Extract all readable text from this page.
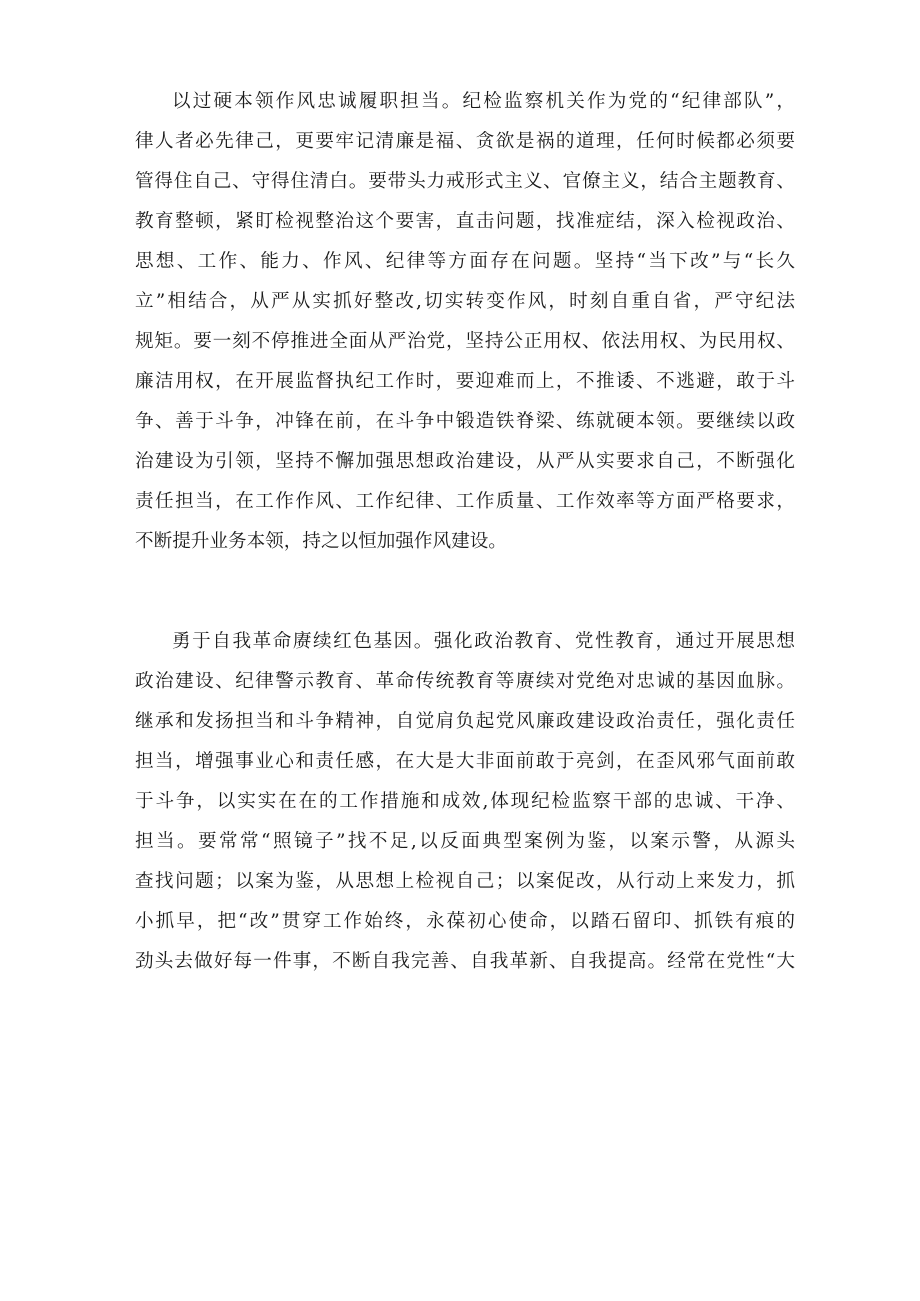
以过硬本领作风忠诚履职担当。纪检监察机关作为党的“纪律部队”，
律人者必先律己，更要牢记清廉是福、贪欲是祸的道理，任何时候都必须要
管得住自己、守得住清白。要带头力戒形式主义、官僚主义，结合主题教育、
教育整顿，紧盯检视整治这个要害，直击问题，找准症结，深入检视政治、
思想、工作、能力、作风、纪律等方面存在问题。坚持“当下改”与“长久
立”相结合，从严从实抓好整改,切实转变作风，时刻自重自省，严守纪法
规矩。要一刻不停推进全面从严治党，坚持公正用权、依法用权、为民用权、
廉洁用权，在开展监督执纪工作时，要迎难而上，不推诿、不逃避，敢于斗
争、善于斗争，冲锋在前，在斗争中锻造铁脊梁、练就硬本领。要继续以政
治建设为引领，坚持不懈加强思想政治建设，从严从实要求自己，不断强化
责任担当，在工作作风、工作纪律、工作质量、工作效率等方面严格要求，
不断提升业务本领，持之以恒加强作风建设。
勇于自我革命赓续红色基因。强化政治教育、党性教育，通过开展思想
政治建设、纪律警示教育、革命传统教育等赓续对党绝对忠诚的基因血脉。
继承和发扬担当和斗争精神，自觉肩负起党风廉政建设政治责任，强化责任
担当，增强事业心和责任感，在大是大非面前敢于亮剑，在歪风邪气面前敢
于斗争，以实实在在的工作措施和成效,体现纪检监察干部的忠诚、干净、
担当。要常常“照镜子”找不足,以反面典型案例为鉴，以案示警，从源头
查找问题；以案为鉴，从思想上检视自己；以案促改，从行动上来发力，抓
小抓早，把“改”贯穿工作始终，永葆初心使命，以踏石留印、抓铁有痕的
劲头去做好每一件事，不断自我完善、自我革新、自我提高。经常在党性“大
